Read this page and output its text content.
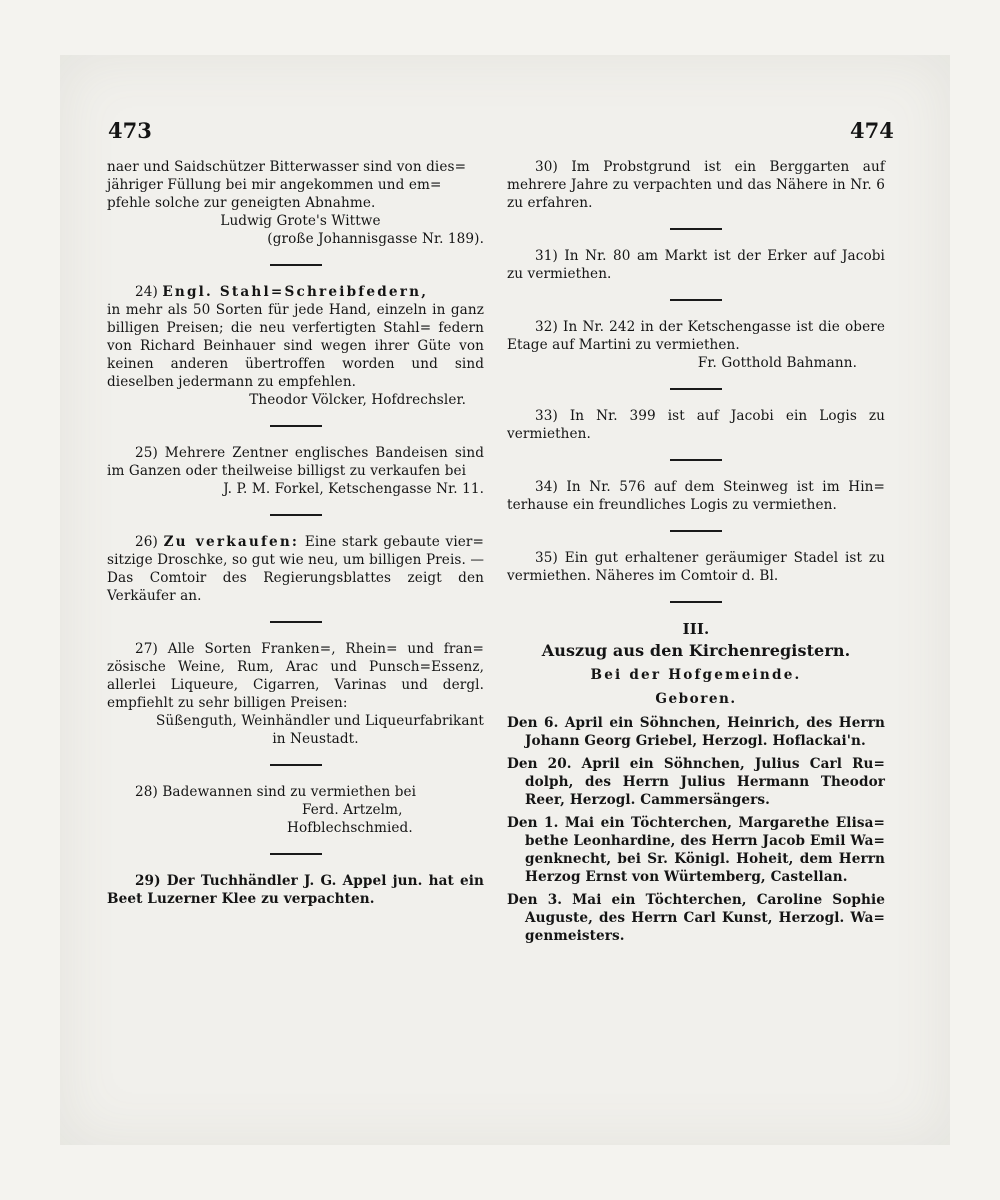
473	474

naer und Saidschützer Bitterwasser sind von dies=

jähriger Füllung bei mir angekommen und em=

pfehle solche zur geneigten Abnahme.

Ludwig Grote's Wittwe

(große Johannisgasse Nr. 189).

24) Engl. Stahl=Schreibfedern,

in mehr als 50 Sorten für jede Hand, einzeln in ganz billigen Preisen; die neu verfertigten Stahl= federn von Richard Beinhauer sind wegen ihrer Güte von keinen anderen übertroffen worden und sind dieselben jedermann zu empfehlen.

Theodor Völcker, Hofdrechsler.

25) Mehrere Zentner englisches Bandeisen sind im Ganzen oder theilweise billigst zu verkaufen bei

J. P. M. Forkel, Ketschengasse Nr. 11.

26) Zu verkaufen: Eine stark gebaute vier= sitzige Droschke, so gut wie neu, um billigen Preis. — Das Comtoir des Regierungsblattes zeigt den Verkäufer an.

27) Alle Sorten Franken=, Rhein= und fran= zösische Weine, Rum, Arac und Punsch=Essenz, allerlei Liqueure, Cigarren, Varinas und dergl. empfiehlt zu sehr billigen Preisen:

Süßenguth, Weinhändler und Liqueurfabrikant

in Neustadt.

28) Badewannen sind zu vermiethen bei

Ferd. Artzelm,

Hofblechschmied.

29) Der Tuchhändler J. G. Appel jun. hat ein Beet Luzerner Klee zu verpachten.

30) Im Probstgrund ist ein Berggarten auf mehrere Jahre zu verpachten und das Nähere in Nr. 6 zu erfahren.

31) In Nr. 80 am Markt ist der Erker auf Jacobi zu vermiethen.

32) In Nr. 242 in der Ketschengasse ist die obere Etage auf Martini zu vermiethen.

Fr. Gotthold Bahmann.

33) In Nr. 399 ist auf Jacobi ein Logis zu vermiethen.

34) In Nr. 576 auf dem Steinweg ist im Hin= terhause ein freundliches Logis zu vermiethen.

35) Ein gut erhaltener geräumiger Stadel ist zu vermiethen. Näheres im Comtoir d. Bl.

III.

Auszug aus den Kirchenregistern.

Bei der Hofgemeinde.

Geboren.

Den 6. April ein Söhnchen, Heinrich, des Herrn Johann Georg Griebel, Herzogl. Hoflackai'n.

Den 20. April ein Söhnchen, Julius Carl Ru= dolph, des Herrn Julius Hermann Theodor Reer, Herzogl. Cammersängers.

Den 1. Mai ein Töchterchen, Margarethe Elisa= bethe Leonhardine, des Herrn Jacob Emil Wa= genknecht, bei Sr. Königl. Hoheit, dem Herrn Herzog Ernst von Würtemberg, Castellan.

Den 3. Mai ein Töchterchen, Caroline Sophie Auguste, des Herrn Carl Kunst, Herzogl. Wa= genmeisters.
